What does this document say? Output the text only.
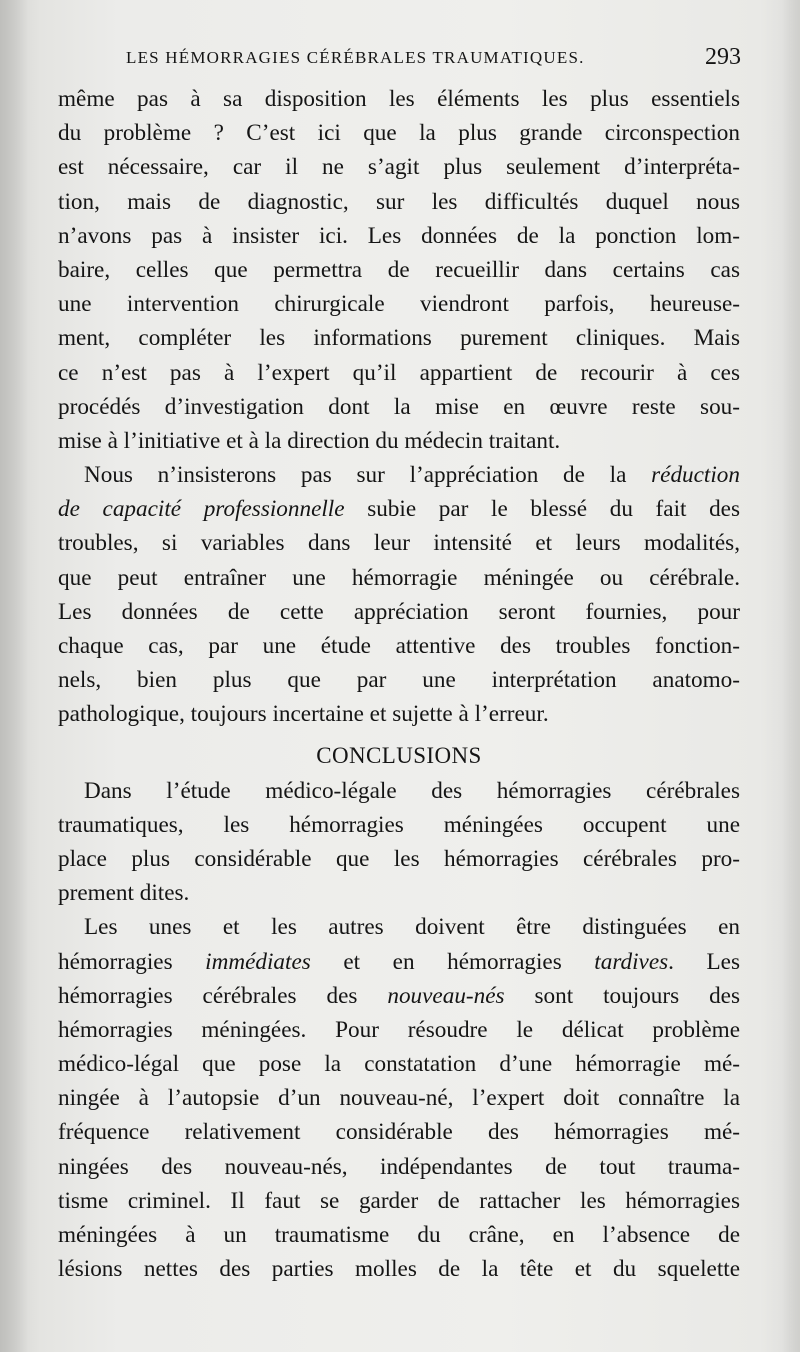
LES HÉMORRAGIES CÉRÉBRALES TRAUMATIQUES.	293
même pas à sa disposition les éléments les plus essentiels
du problème ? C’est ici que la plus grande circonspection
est nécessaire, car il ne s’agit plus seulement d’interpréta-
tion, mais de diagnostic, sur les difficultés duquel nous
n’avons pas à insister ici. Les données de la ponction lom-
baire, celles que permettra de recueillir dans certains cas
une intervention chirurgicale viendront parfois, heureuse-
ment, compléter les informations purement cliniques. Mais
ce n’est pas à l’expert qu’il appartient de recourir à ces
procédés d’investigation dont la mise en œuvre reste sou-
mise à l’initiative et à la direction du médecin traitant.
Nous n’insisterons pas sur l’appréciation de la réduction
de capacité professionnelle subie par le blessé du fait des
troubles, si variables dans leur intensité et leurs modalités,
que peut entraîner une hémorragie méningée ou cérébrale.
Les données de cette appréciation seront fournies, pour
chaque cas, par une étude attentive des troubles fonction-
nels, bien plus que par une interprétation anatomo-
pathologique, toujours incertaine et sujette à l’erreur.
CONCLUSIONS
Dans l’étude médico-légale des hémorragies cérébrales
traumatiques, les hémorragies méningées occupent une
place plus considérable que les hémorragies cérébrales pro-
prement dites.
Les unes et les autres doivent être distinguées en
hémorragies immédiates et en hémorragies tardives. Les
hémorragies cérébrales des nouveau-nés sont toujours des
hémorragies méningées. Pour résoudre le délicat problème
médico-légal que pose la constatation d’une hémorragie mé-
ningée à l’autopsie d’un nouveau-né, l’expert doit connaître la
fréquence relativement considérable des hémorragies mé-
ningées des nouveau-nés, indépendantes de tout trauma-
tisme criminel. Il faut se garder de rattacher les hémorragies
méningées à un traumatisme du crâne, en l’absence de
lésions nettes des parties molles de la tête et du squelette
